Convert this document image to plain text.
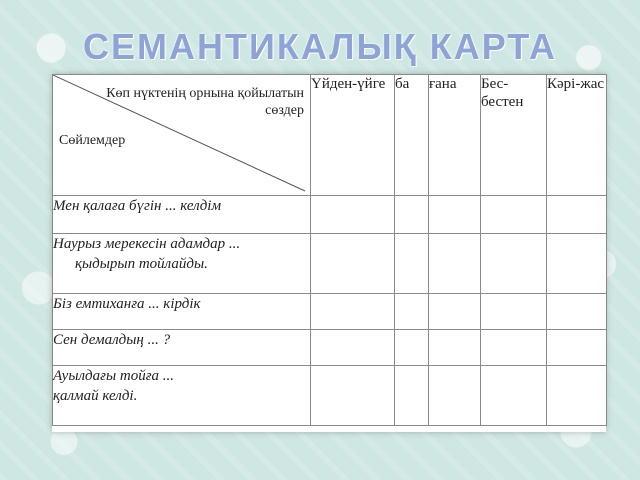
СЕМАНТИКАЛЫҚ КАРТА
Көп нүктенің орнына қойылатын сөздер
Сөйлемдер	Үйден-үйге	ба	ғана	Бес-бестен	Кәрі-жас
Мен қалаға бүгін ... келдім					
Наурыз мерекесін адамдар ...
қыдырып тойлайды.					
Біз емтиханға ... кірдік					
Сен демалдың ... ?					
Ауылдағы тойға ...
қалмай келді.					
